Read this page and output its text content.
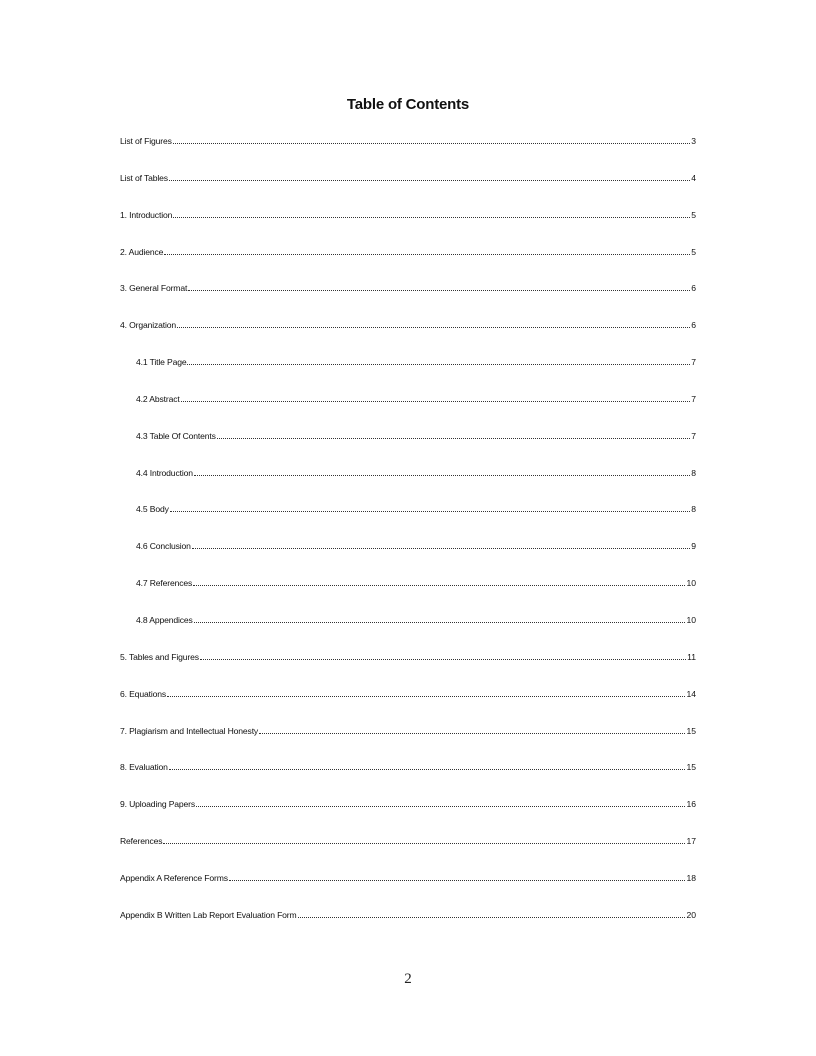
Table of Contents
List of Figures	3
List of Tables	4
1. Introduction	5
2. Audience	5
3. General Format	6
4. Organization	6
4.1 Title Page	7
4.2 Abstract	7
4.3 Table Of Contents	7
4.4 Introduction	8
4.5 Body	8
4.6 Conclusion	9
4.7 References	10
4.8 Appendices	10
5. Tables and Figures	11
6. Equations	14
7. Plagiarism and Intellectual Honesty	15
8. Evaluation	15
9. Uploading Papers	16
References	17
Appendix A Reference Forms	18
Appendix B Written Lab Report Evaluation Form	20
2
